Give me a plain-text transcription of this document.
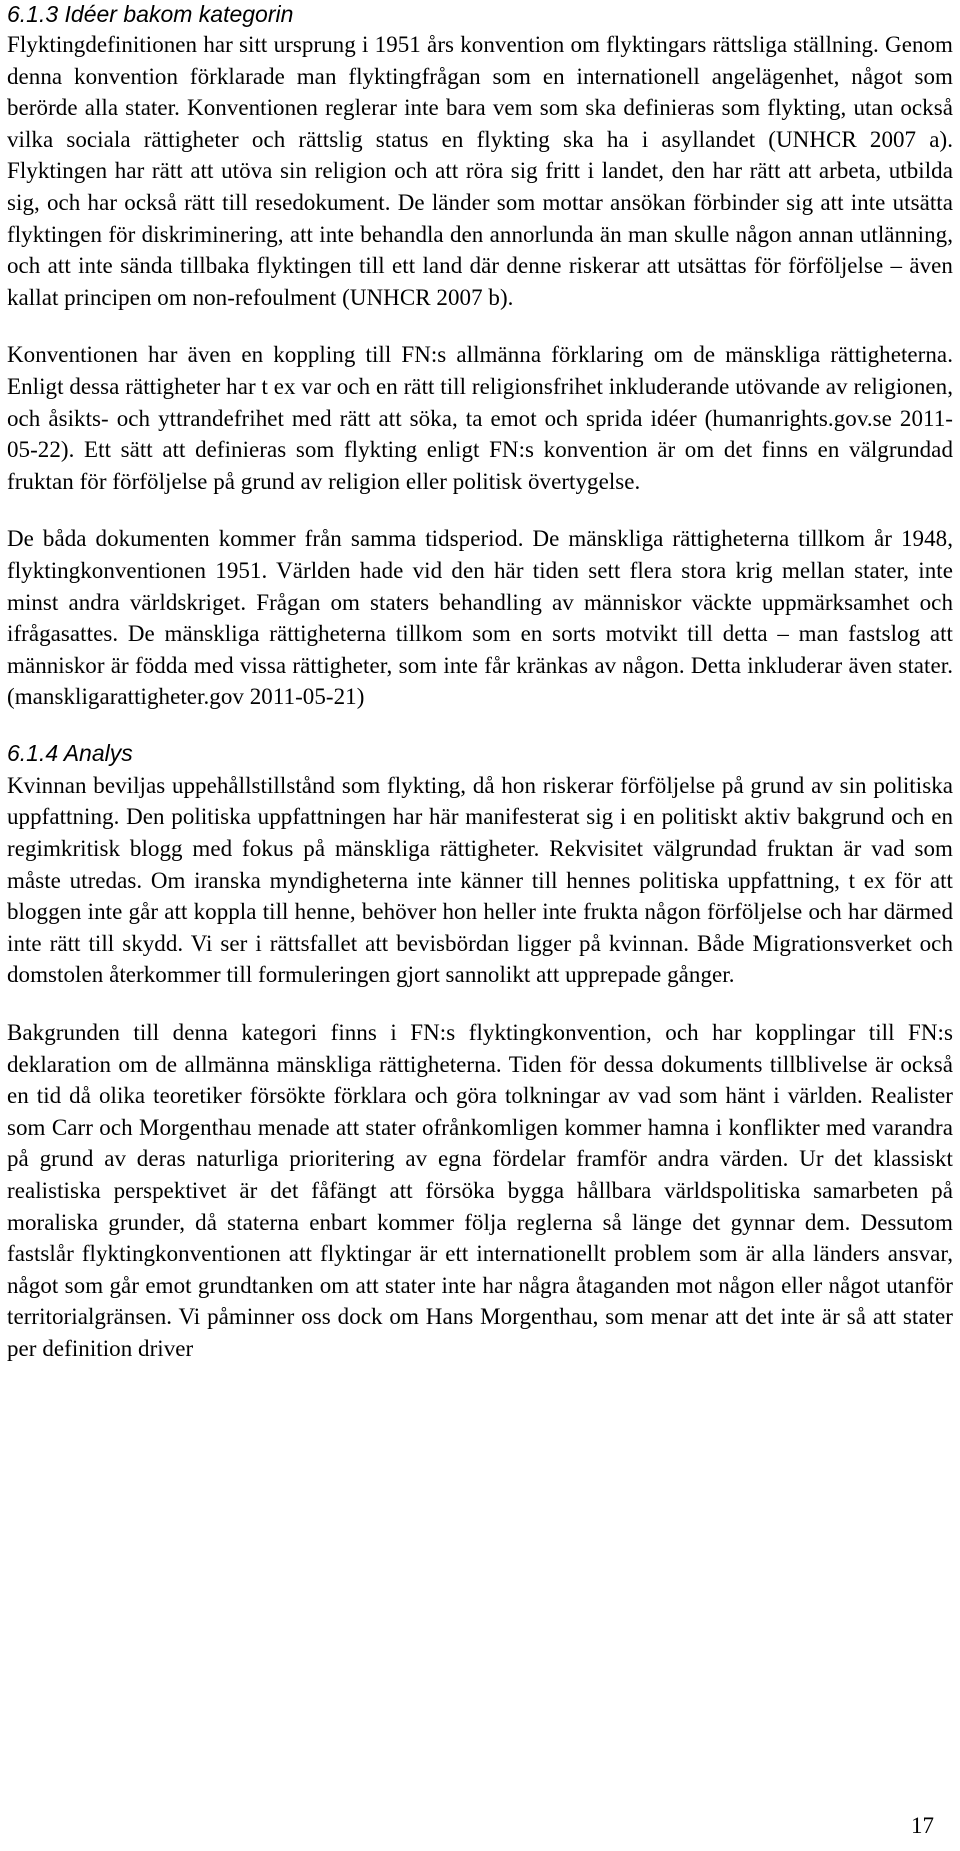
6.1.3 Idéer bakom kategorin

Flyktingdefinitionen har sitt ursprung i 1951 års konvention om flyktingars rättsliga ställning. Genom denna konvention förklarade man flyktingfrågan som en internationell angelägenhet, något som berörde alla stater. Konventionen reglerar inte bara vem som ska definieras som flykting, utan också vilka sociala rättigheter och rättslig status en flykting ska ha i asyllandet (UNHCR 2007 a). Flyktingen har rätt att utöva sin religion och att röra sig fritt i landet, den har rätt att arbeta, utbilda sig, och har också rätt till resedokument. De länder som mottar ansökan förbinder sig att inte utsätta flyktingen för diskriminering, att inte behandla den annorlunda än man skulle någon annan utlänning, och att inte sända tillbaka flyktingen till ett land där denne riskerar att utsättas för förföljelse – även kallat principen om non-refoulment (UNHCR 2007 b).

Konventionen har även en koppling till FN:s allmänna förklaring om de mänskliga rättigheterna. Enligt dessa rättigheter har t ex var och en rätt till religionsfrihet inkluderande utövande av religionen, och åsikts- och yttrandefrihet med rätt att söka, ta emot och sprida idéer (humanrights.gov.se 2011-05-22). Ett sätt att definieras som flykting enligt FN:s konvention är om det finns en välgrundad fruktan för förföljelse på grund av religion eller politisk övertygelse.

De båda dokumenten kommer från samma tidsperiod. De mänskliga rättigheterna tillkom år 1948, flyktingkonventionen 1951. Världen hade vid den här tiden sett flera stora krig mellan stater, inte minst andra världskriget. Frågan om staters behandling av människor väckte uppmärksamhet och ifrågasattes. De mänskliga rättigheterna tillkom som en sorts motvikt till detta – man fastslog att människor är födda med vissa rättigheter, som inte får kränkas av någon. Detta inkluderar även stater. (manskligarattigheter.gov 2011-05-21)

6.1.4 Analys

Kvinnan beviljas uppehållstillstånd som flykting, då hon riskerar förföljelse på grund av sin politiska uppfattning. Den politiska uppfattningen har här manifesterat sig i en politiskt aktiv bakgrund och en regimkritisk blogg med fokus på mänskliga rättigheter. Rekvisitet välgrundad fruktan är vad som måste utredas. Om iranska myndigheterna inte känner till hennes politiska uppfattning, t ex för att bloggen inte går att koppla till henne, behöver hon heller inte frukta någon förföljelse och har därmed inte rätt till skydd. Vi ser i rättsfallet att bevisbördan ligger på kvinnan. Både Migrationsverket och domstolen återkommer till formuleringen gjort sannolikt att upprepade gånger.

Bakgrunden till denna kategori finns i FN:s flyktingkonvention, och har kopplingar till FN:s deklaration om de allmänna mänskliga rättigheterna. Tiden för dessa dokuments tillblivelse är också en tid då olika teoretiker försökte förklara och göra tolkningar av vad som hänt i världen. Realister som Carr och Morgenthau menade att stater ofrånkomligen kommer hamna i konflikter med varandra på grund av deras naturliga prioritering av egna fördelar framför andra värden. Ur det klassiskt realistiska perspektivet är det fåfängt att försöka bygga hållbara världspolitiska samarbeten på moraliska grunder, då staterna enbart kommer följa reglerna så länge det gynnar dem. Dessutom fastslår flyktingkonventionen att flyktingar är ett internationellt problem som är alla länders ansvar, något som går emot grundtanken om att stater inte har några åtaganden mot någon eller något utanför territorialgränsen. Vi påminner oss dock om Hans Morgenthau, som menar att det inte är så att stater per definition driver

17
